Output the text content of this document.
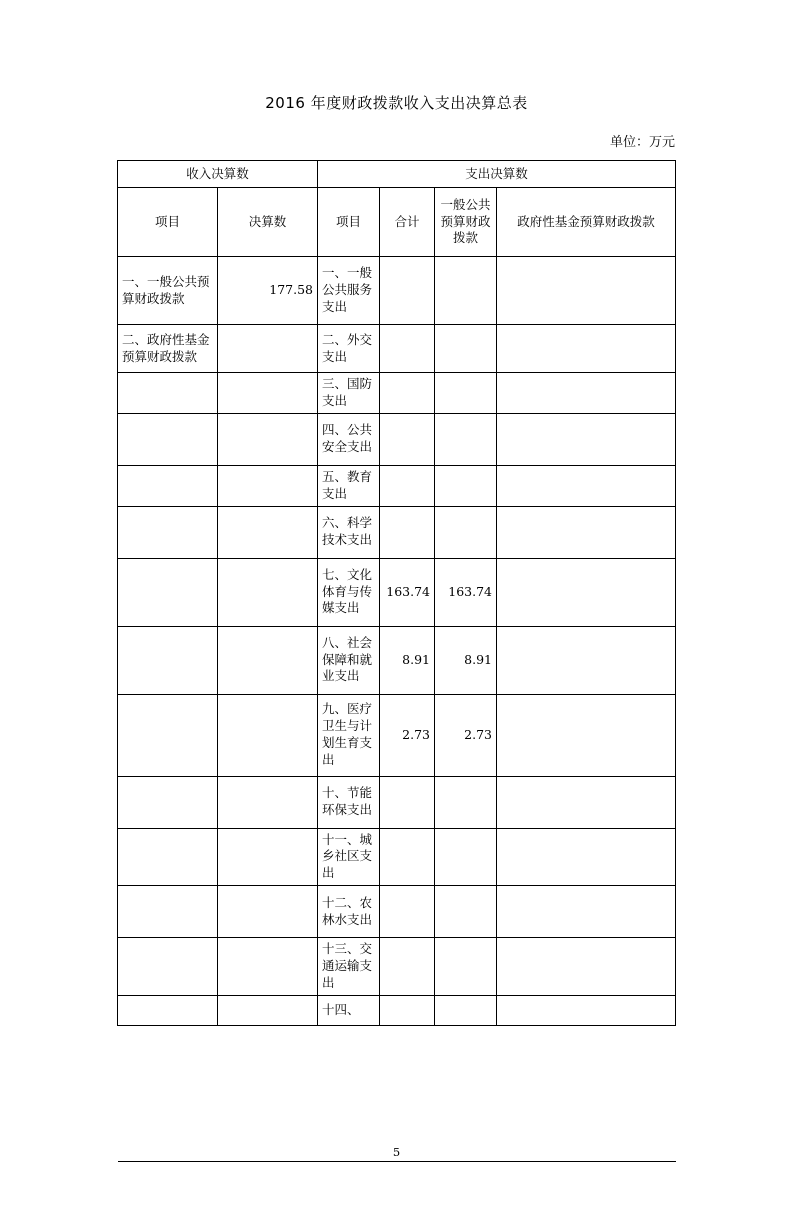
2016 年度财政拨款收入支出决算总表
单位：万元
收入决算数		支出决算数			
项目	决算数	项目	合计	一般公共预算财政拨款	政府性基金预算财政拨款
一、一般公共预算财政拨款	177.58	一、一般公共服务支出			
二、政府性基金预算财政拨款		二、外交支出			
		三、国防支出			
		四、公共安全支出			
		五、教育支出			
		六、科学技术支出			
		七、文化体育与传媒支出	163.74	163.74	
		八、社会保障和就业支出	8.91	8.91	
		九、医疗卫生与计划生育支出	2.73	2.73	
		十、节能环保支出			
		十一、城乡社区支出			
		十二、农林水支出			
		十三、交通运输支出			
		十四、			
5
